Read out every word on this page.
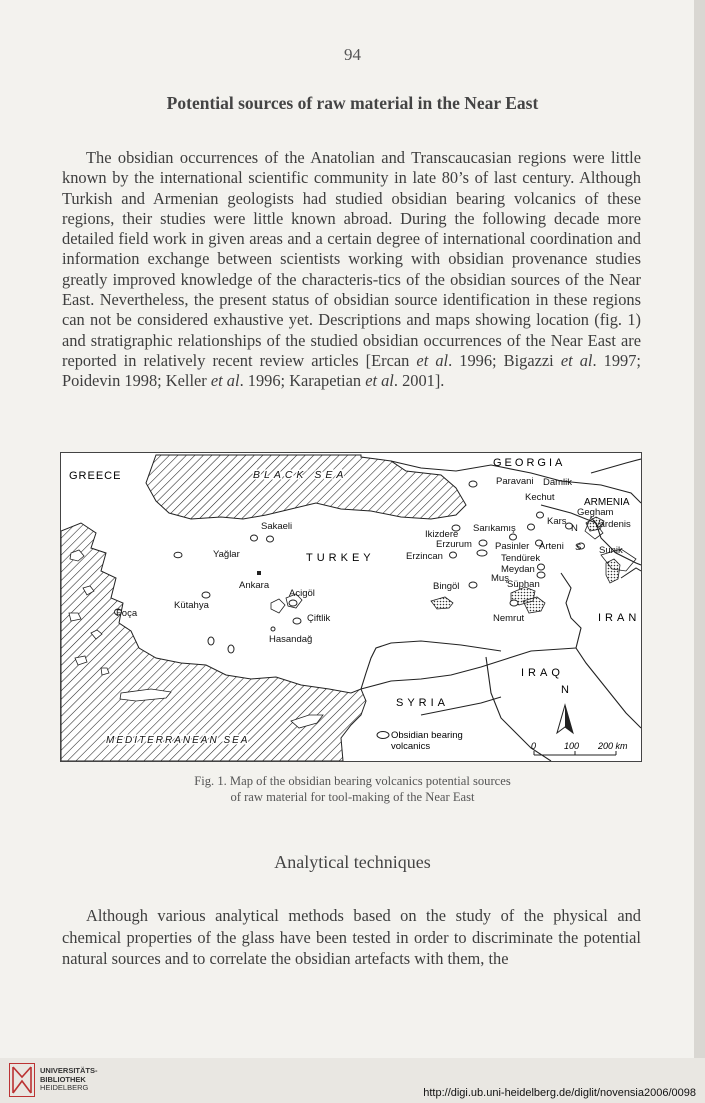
94
Potential sources of raw material in the Near East
The obsidian occurrences of the Anatolian and Transcaucasian regions were little known by the international scientific community in late 80’s of last century. Although Turkish and Armenian geologists had studied obsidian bearing volcanics of these regions, their studies were little known abroad. During the following decade more detailed field work in given areas and a certain degree of international coordination and information exchange between scientists working with obsidian provenance studies greatly improved knowledge of the characteris-tics of the obsidian sources of the Near East. Nevertheless, the present status of obsidian source identification in these regions can not be considered exhaustive yet. Descriptions and maps showing location (fig. 1) and stratigraphic relationships of the studied obsidian occurrences of the Near East are reported in relatively recent review articles [Ercan et al. 1996; Bigazzi et al. 1997; Poidevin 1998; Keller et al. 1996; Karapetian et al. 2001].
GREECE	BLACK SEA
GEORGIA
ARMENIA
TURKEY
IRAN
IRAQ
SYRIA
MEDITERRANEAN SEA
Paravani Damlik
Kechut
Gegham
Vardenis
Kars
N
S Sunik
Sakaeli
Ikizdere
Sarıkamış
Erzurum Pasinler Arteni
Yağlar	Erzincan	Tendürek
Meydan
Muş
Süphan
Bingöl
Ankara
Acigöl
Kütahya
Foça	Çiftlik	Nemrut
Hasandağ
Obsidian bearing
volcanics
N
0	100 200 km
Fig. 1. Map of the obsidian bearing volcanics potential sources
of raw material for tool-making of the Near East
Analytical techniques
Although various analytical methods based on the study of the physical and chemical properties of the glass have been tested in order to discriminate the potential natural sources and to correlate the obsidian artefacts with them, the
UNIVERSITÄTS-
BIBLIOTHEK
HEIDELBERG	http://digi.ub.uni-heidelberg.de/diglit/novensia2006/0098
